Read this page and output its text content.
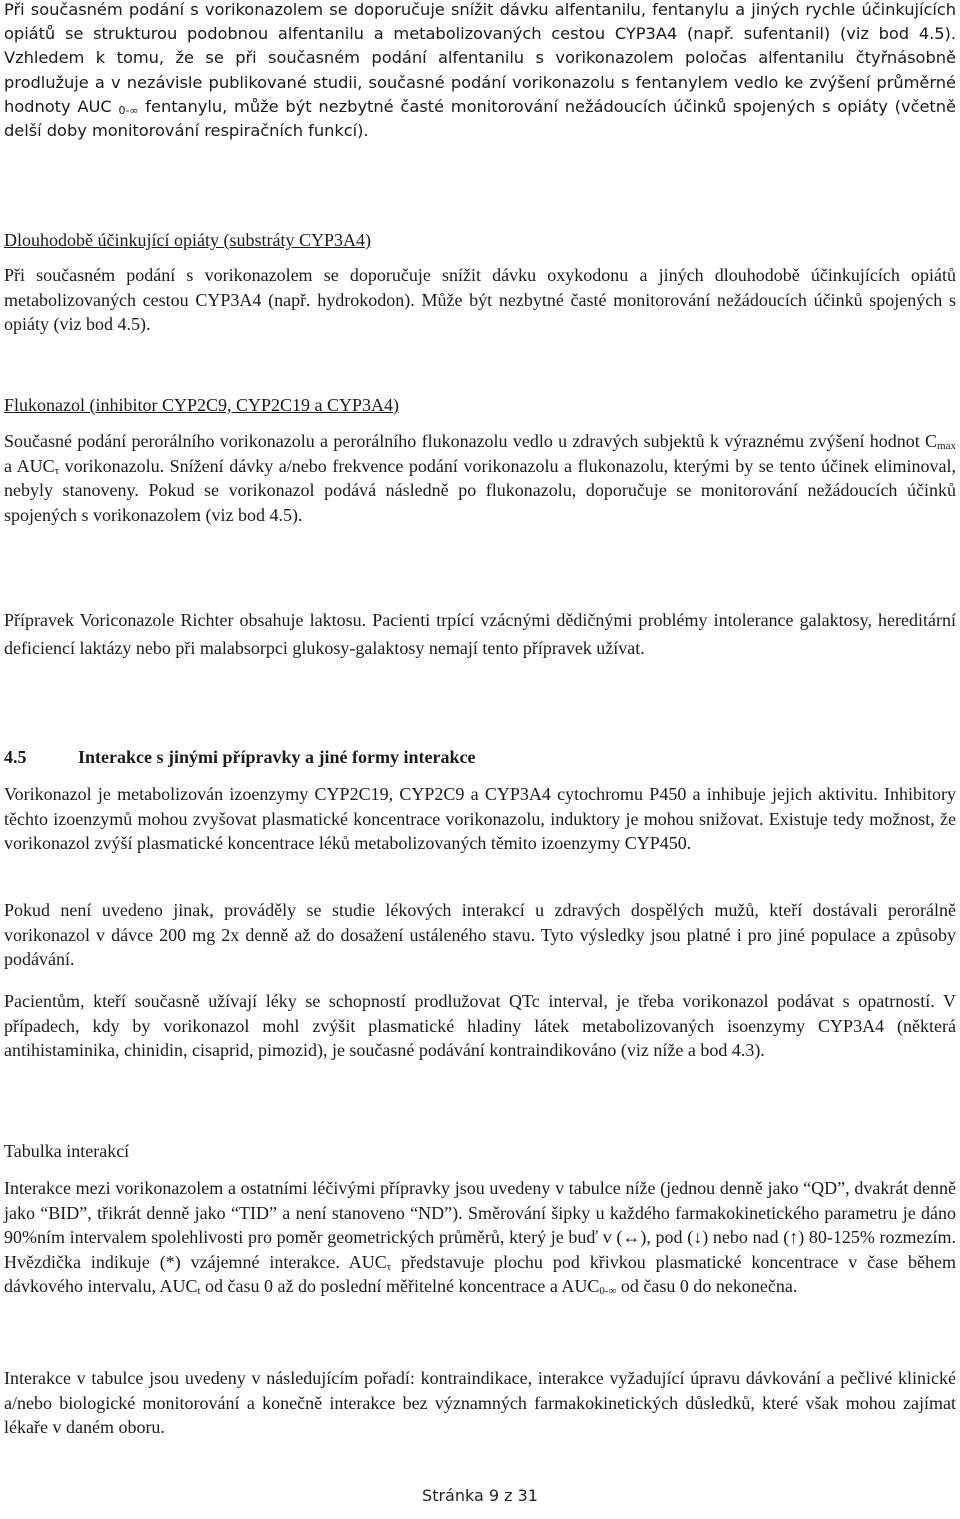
Při současném podání s vorikonazolem se doporučuje snížit dávku alfentanilu, fentanylu a jiných rychle účinkujících opiátů se strukturou podobnou alfentanilu a metabolizovaných cestou CYP3A4 (např. sufentanil) (viz bod 4.5). Vzhledem k tomu, že se při současném podání alfentanilu s vorikonazolem poločas alfentanilu čtyřnásobně prodlužuje a v nezávisle publikované studii, současné podání vorikonazolu s fentanylem vedlo ke zvýšení průměrné hodnoty AUC $_{0-\infty}$ fentanylu, může být nezbytné časté monitorování nežádoucích účinků spojených s opiáty (včetně delší doby monitorování respiračních funkcí).

Dlouhodobě účinkující opiáty (substráty CYP3A4)

Při současném podání s vorikonazolem se doporučuje snížit dávku oxykodonu a jiných dlouhodobě účinkujících opiátů metabolizovaných cestou CYP3A4 (např. hydrokodon). Může být nezbytné časté monitorování nežádoucích účinků spojených s opiáty (viz bod 4.5).

Flukonazol (inhibitor CYP2C9, CYP2C19 a CYP3A4)

Současné podání perorálního vorikonazolu a perorálního flukonazolu vedlo u zdravých subjektů k výraznému zvýšení hodnot $C_{max}$ a $AUC_\tau$ vorikonazolu. Snížení dávky a/nebo frekvence podání vorikonazolu a flukonazolu, kterými by se tento účinek eliminoval, nebyly stanoveny. Pokud se vorikonazol podává následně po flukonazolu, doporučuje se monitorování nežádoucích účinků spojených s vorikonazolem (viz bod 4.5).

Přípravek Voriconazole Richter obsahuje laktosu. Pacienti trpící vzácnými dědičnými problémy intolerance galaktosy, hereditární deficiencí laktázy nebo při malabsorpci glukosy-galaktosy nemají tento přípravek užívat.

4.5	Interakce s jinými přípravky a jiné formy interakce

Vorikonazol je metabolizován izoenzymy CYP2C19, CYP2C9 a CYP3A4 cytochromu P450 a inhibuje jejich aktivitu. Inhibitory těchto izoenzymů mohou zvyšovat plasmatické koncentrace vorikonazolu, induktory je mohou snižovat. Existuje tedy možnost, že vorikonazol zvýší plasmatické koncentrace léků metabolizovaných těmito izoenzymy CYP450.

Pokud není uvedeno jinak, prováděly se studie lékových interakcí u zdravých dospělých mužů, kteří dostávali perorálně vorikonazol v dávce 200 mg 2x denně až do dosažení ustáleného stavu. Tyto výsledky jsou platné i pro jiné populace a způsoby podávání.

Pacientům, kteří současně užívají léky se schopností prodlužovat QTc interval, je třeba vorikonazol podávat s opatrností. V případech, kdy by vorikonazol mohl zvýšit plasmatické hladiny látek metabolizovaných isoenzymy CYP3A4 (některá antihistaminika, chinidin, cisaprid, pimozid), je současné podávání kontraindikováno (viz níže a bod 4.3).

Tabulka interakcí

Interakce mezi vorikonazolem a ostatními léčivými přípravky jsou uvedeny v tabulce níže (jednou denně jako “QD”, dvakrát denně jako “BID”, třikrát denně jako “TID” a není stanoveno “ND”). Směrování šipky u každého farmakokinetického parametru je dáno 90%ním intervalem spolehlivosti pro poměr geometrických průměrů, který je buď v (↔), pod (↓) nebo nad (↑) 80-125% rozmezím. Hvězdička indikuje (*) vzájemné interakce. $AUC_\tau$ představuje plochu pod křivkou plasmatické koncentrace v čase během dávkového intervalu, $AUC_t$ od času 0 až do poslední měřitelné koncentrace a $AUC_{0-\infty}$ od času 0 do nekonečna.

Interakce v tabulce jsou uvedeny v následujícím pořadí: kontraindikace, interakce vyžadující úpravu dávkování a pečlivé klinické a/nebo biologické monitorování a konečně interakce bez významných farmakokinetických důsledků, které však mohou zajímat lékaře v daném oboru.

Stránka 9 z 31
